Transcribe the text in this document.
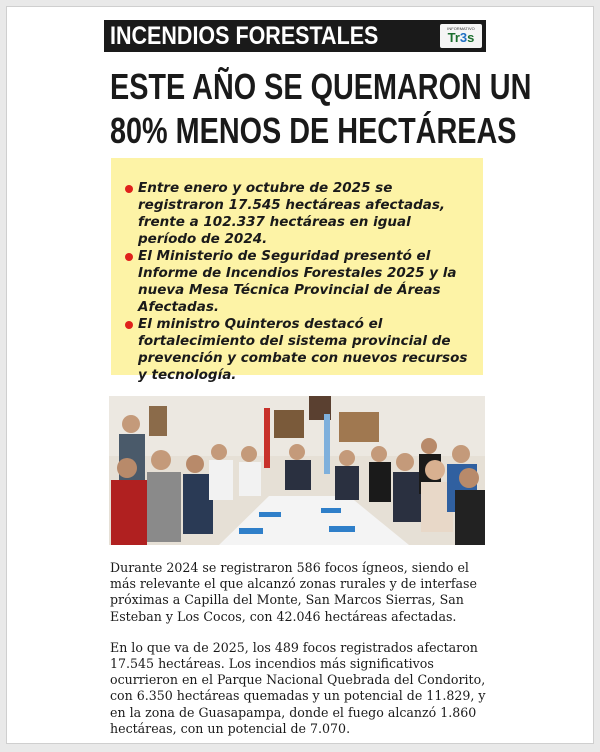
INCENDIOS FORESTALES	INFORMATIVO
Tr3s
ESTE AÑO SE QUEMARON UN
80% MENOS DE HECTÁREAS
Entre enero y octubre de 2025 se registraron 17.545 hectáreas afectadas, frente a 102.337 hectáreas en igual período de 2024.
El Ministerio de Seguridad presentó el Informe de Incendios Forestales 2025 y la nueva Mesa Técnica Provincial de Áreas Afectadas.
El ministro Quinteros destacó el fortalecimiento del sistema provincial de prevención y combate con nuevos recursos y tecnología.

Durante 2024 se registraron 586 focos ígneos, siendo el más relevante el que alcanzó zonas rurales y de interfase próximas a Capilla del Monte, San Marcos Sierras, San Esteban y Los Cocos, con 42.046 hectáreas afectadas.

En lo que va de 2025, los 489 focos registrados afectaron 17.545 hectáreas. Los incendios más significativos ocurrieron en el Parque Nacional Quebrada del Condorito, con 6.350 hectáreas quemadas y un potencial de 11.829, y en la zona de Guasapampa, donde el fuego alcanzó 1.860 hectáreas, con un potencial de 7.070.
